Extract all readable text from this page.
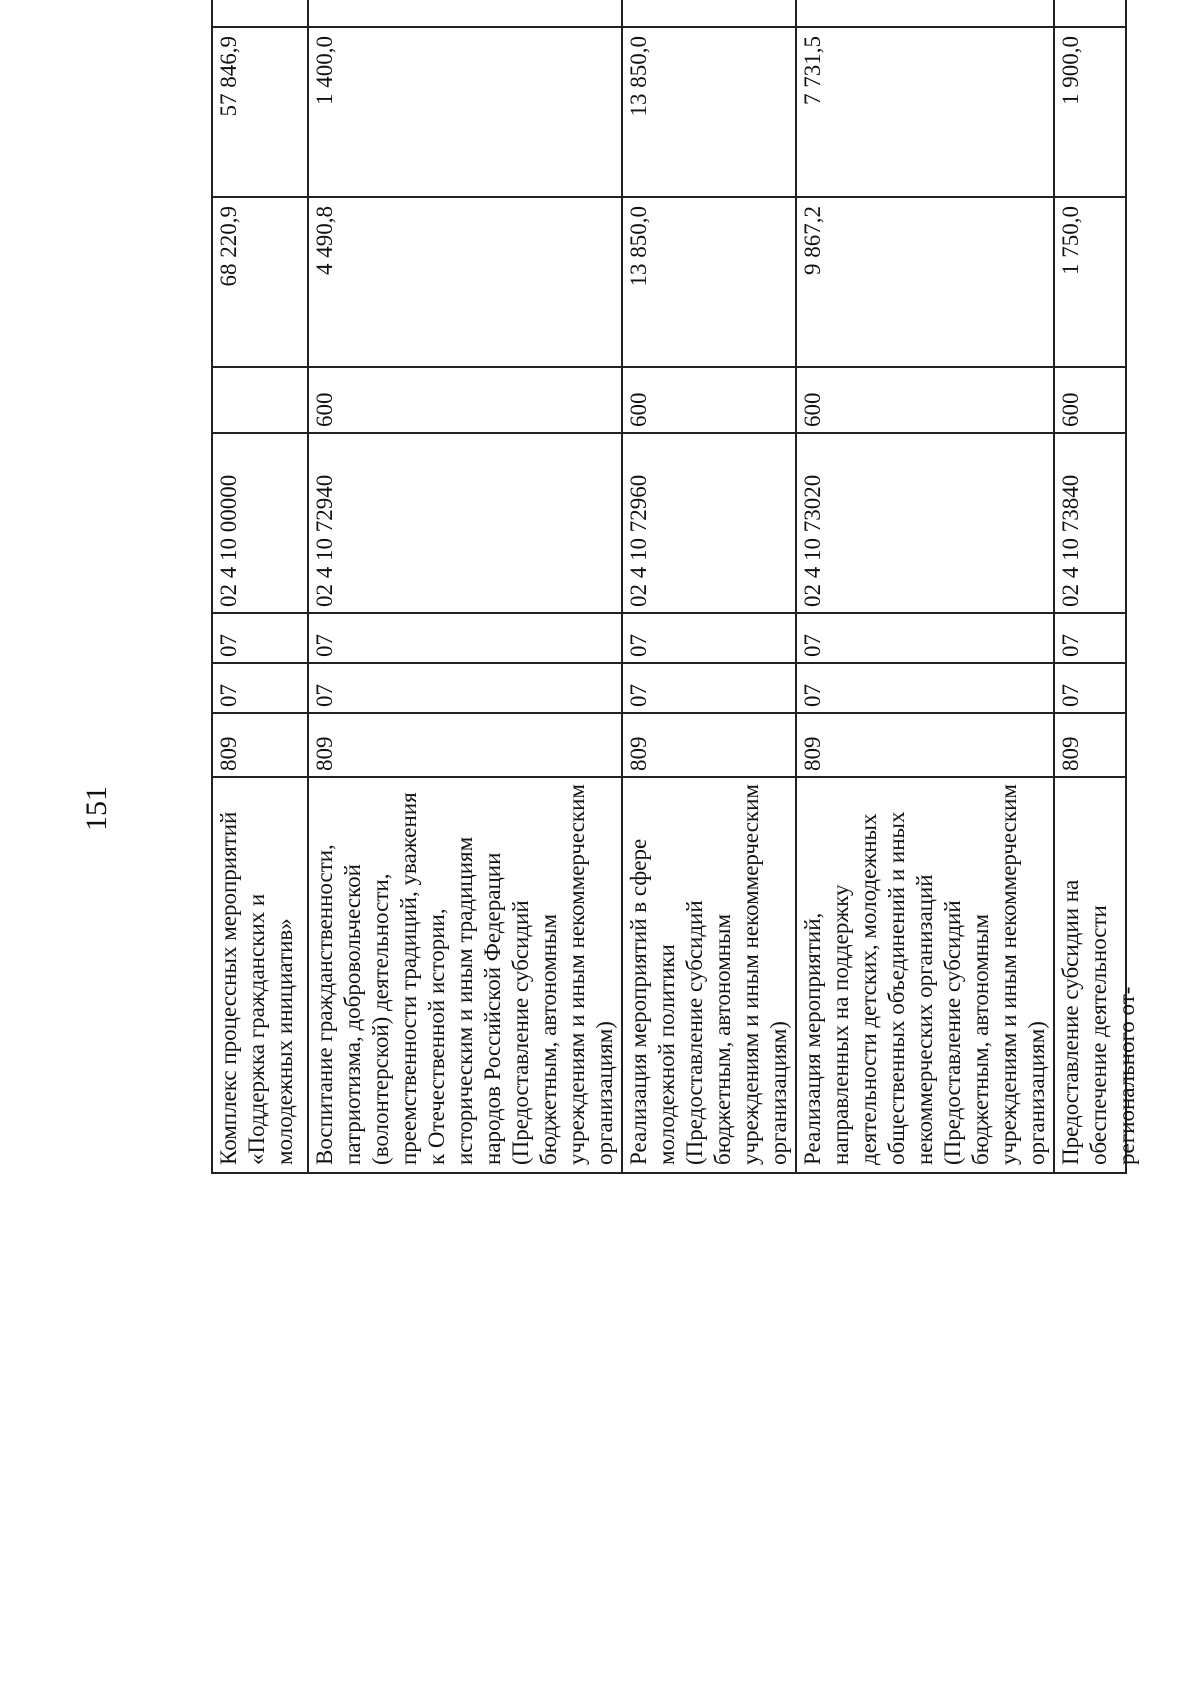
151
Комплекс процессных мероприятий «Поддержка гражданских и молодежных инициатив»	809	07	07	02 4 10 00000		68 220,9	57 846,9	
Воспитание гражданственности, патриотизма, добровольческой (волонтерской) деятельности, преемственности традиций, уважения к Отечественной истории, историческим и иным традициям народов Российской Федерации (Предоставление субсидий бюджетным, автономным учреждениям и иным некоммерческим организациям)	809	07	07	02 4 10 72940	600	4 490,8	1 400,0	
Реализация мероприятий в сфере молодежной политики (Предоставление субсидий бюджетным, автономным учреждениям и иным некоммерческим организациям)	809	07	07	02 4 10 72960	600	13 850,0	13 850,0	
Реализация мероприятий, направленных на поддержку деятельности детских, молодежных общественных объединений и иных некоммерческих организаций (Предоставление субсидий бюджетным, автономным учреждениям и иным некоммерческим организациям)	809	07	07	02 4 10 73020	600	9 867,2	7 731,5	

Предоставление субсидии на обеспечение деятельности регионального от-	809	07	07	02 4 10 73840	600	1 750,0	1 900,0	
